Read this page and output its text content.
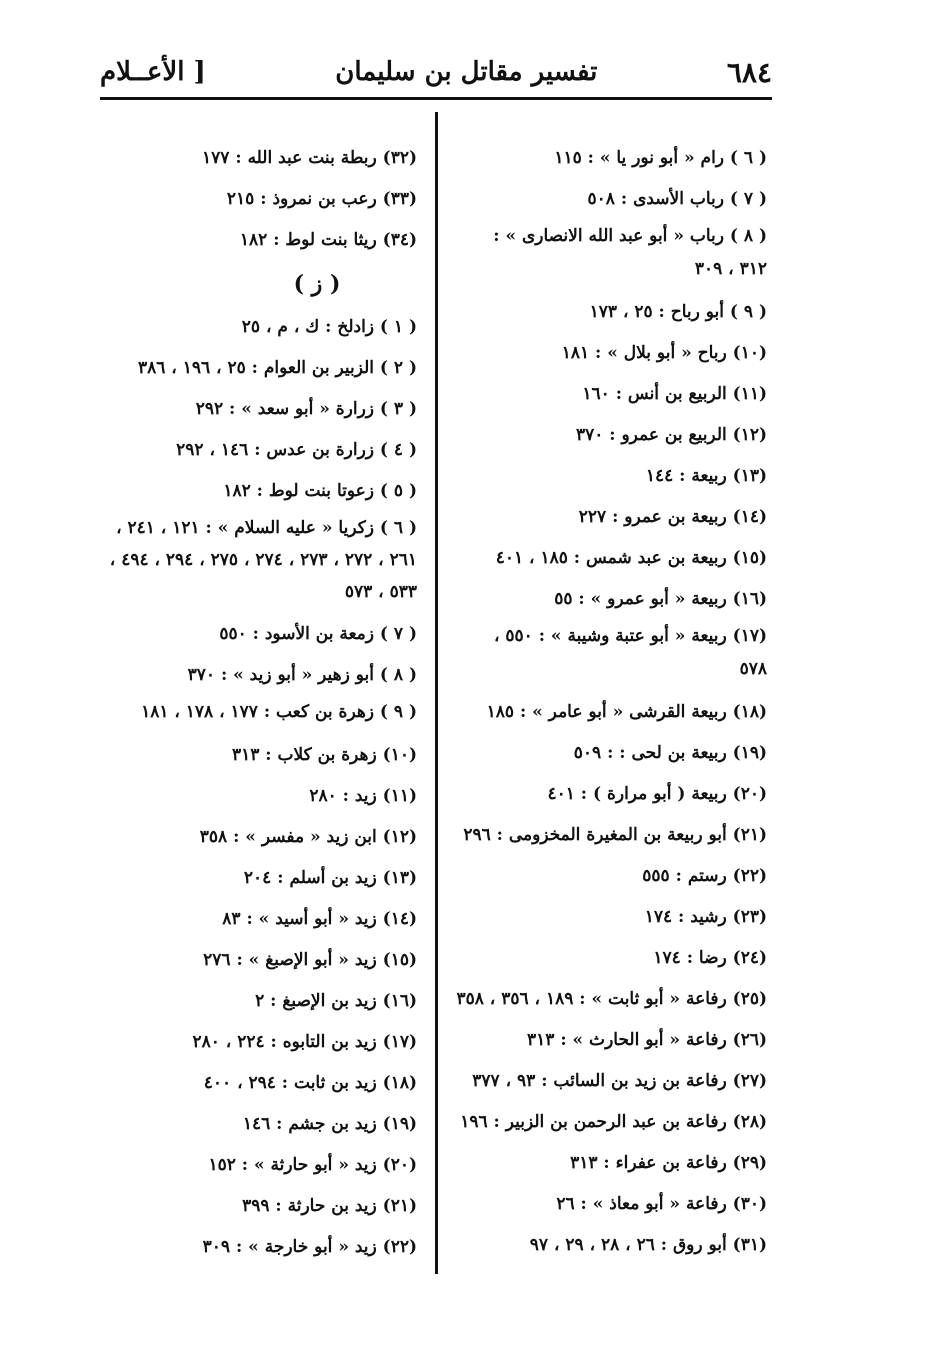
٦٨٤
تفسير مقاتل بن سليمان
[ الأعــلام
( ٦ ) رام « أبو نور يا » : ١١٥
( ٧ ) رباب الأسدى : ٥٠٨
( ٨ ) رباب « أبو عبد الله الانصارى » : ٣١٢ ، ٣٠٩
( ٩ ) أبو رباح : ٢٥ ، ١٧٣
(١٠) رباح « أبو بلال » : ١٨١
(١١) الربيع بن أنس : ١٦٠
(١٢) الربيع بن عمرو : ٣٧٠
(١٣) ربيعة : ١٤٤
(١٤) ربيعة بن عمرو : ٢٢٧
(١٥) ربيعة بن عبد شمس : ١٨٥ ، ٤٠١
(١٦) ربيعة « أبو عمرو » : ٥٥
(١٧) ربيعة « أبو عتبة وشيبة » : ٥٥٠ ، ٥٧٨
(١٨) ربيعة القرشى « أبو عامر » : ١٨٥
(١٩) ربيعة بن لحى : : ٥٠٩
(٢٠) ربيعة ( أبو مرارة ) : ٤٠١
(٢١) أبو ربيعة بن المغيرة المخزومى : ٢٩٦
(٢٢) رستم : ٥٥٥
(٢٣) رشيد : ١٧٤
(٢٤) رضا : ١٧٤
(٢٥) رفاعة « أبو ثابت » : ١٨٩ ، ٣٥٦ ، ٣٥٨
(٢٦) رفاعة « أبو الحارث » : ٣١٣
(٢٧) رفاعة بن زيد بن السائب : ٩٣ ، ٣٧٧
(٢٨) رفاعة بن عبد الرحمن بن الزبير : ١٩٦
(٢٩) رفاعة بن عفراء : ٣١٣
(٣٠) رفاعة « أبو معاذ » : ٢٦
(٣١) أبو روق : ٢٦ ، ٢٨ ، ٢٩ ، ٩٧
(٣٢) ربطة بنت عبد الله : ١٧٧
(٣٣) رعب بن نمروذ : ٢١٥
(٣٤) ريثا بنت لوط : ١٨٢
( ز )
( ١ ) زادلخ : ك ، م ، ٢٥
( ٢ ) الزبير بن العوام : ٢٥ ، ١٩٦ ، ٣٨٦
( ٣ ) زرارة « أبو سعد » : ٢٩٢
( ٤ ) زرارة بن عدس : ١٤٦ ، ٢٩٢
( ٥ ) زعوتا بنت لوط : ١٨٢
( ٦ ) زكريا « عليه السلام » : ١٢١ ، ٢٤١ ، ٢٦١ ، ٢٧٢ ، ٢٧٣ ، ٢٧٤ ، ٢٧٥ ، ٢٩٤ ، ٤٩٤ ، ٥٣٣ ، ٥٧٣
( ٧ ) زمعة بن الأسود : ٥٥٠
( ٨ ) أبو زهير « أبو زيد » : ٣٧٠
( ٩ ) زهرة بن كعب : ١٧٧ ، ١٧٨ ، ١٨١
(١٠) زهرة بن كلاب : ٣١٣
(١١) زيد : ٢٨٠
(١٢) ابن زيد « مفسر » : ٣٥٨
(١٣) زيد بن أسلم : ٢٠٤
(١٤) زيد « أبو أسيد » : ٨٣
(١٥) زيد « أبو الإصبغ » : ٢٧٦
(١٦) زيد بن الإصبغ : ٢
(١٧) زيد بن التابوه : ٢٢٤ ، ٢٨٠
(١٨) زيد بن ثابت : ٢٩٤ ، ٤٠٠
(١٩) زيد بن جشم : ١٤٦
(٢٠) زيد « أبو حارثة » : ١٥٢
(٢١) زيد بن حارثة : ٣٩٩
(٢٢) زيد « أبو خارجة » : ٣٠٩
